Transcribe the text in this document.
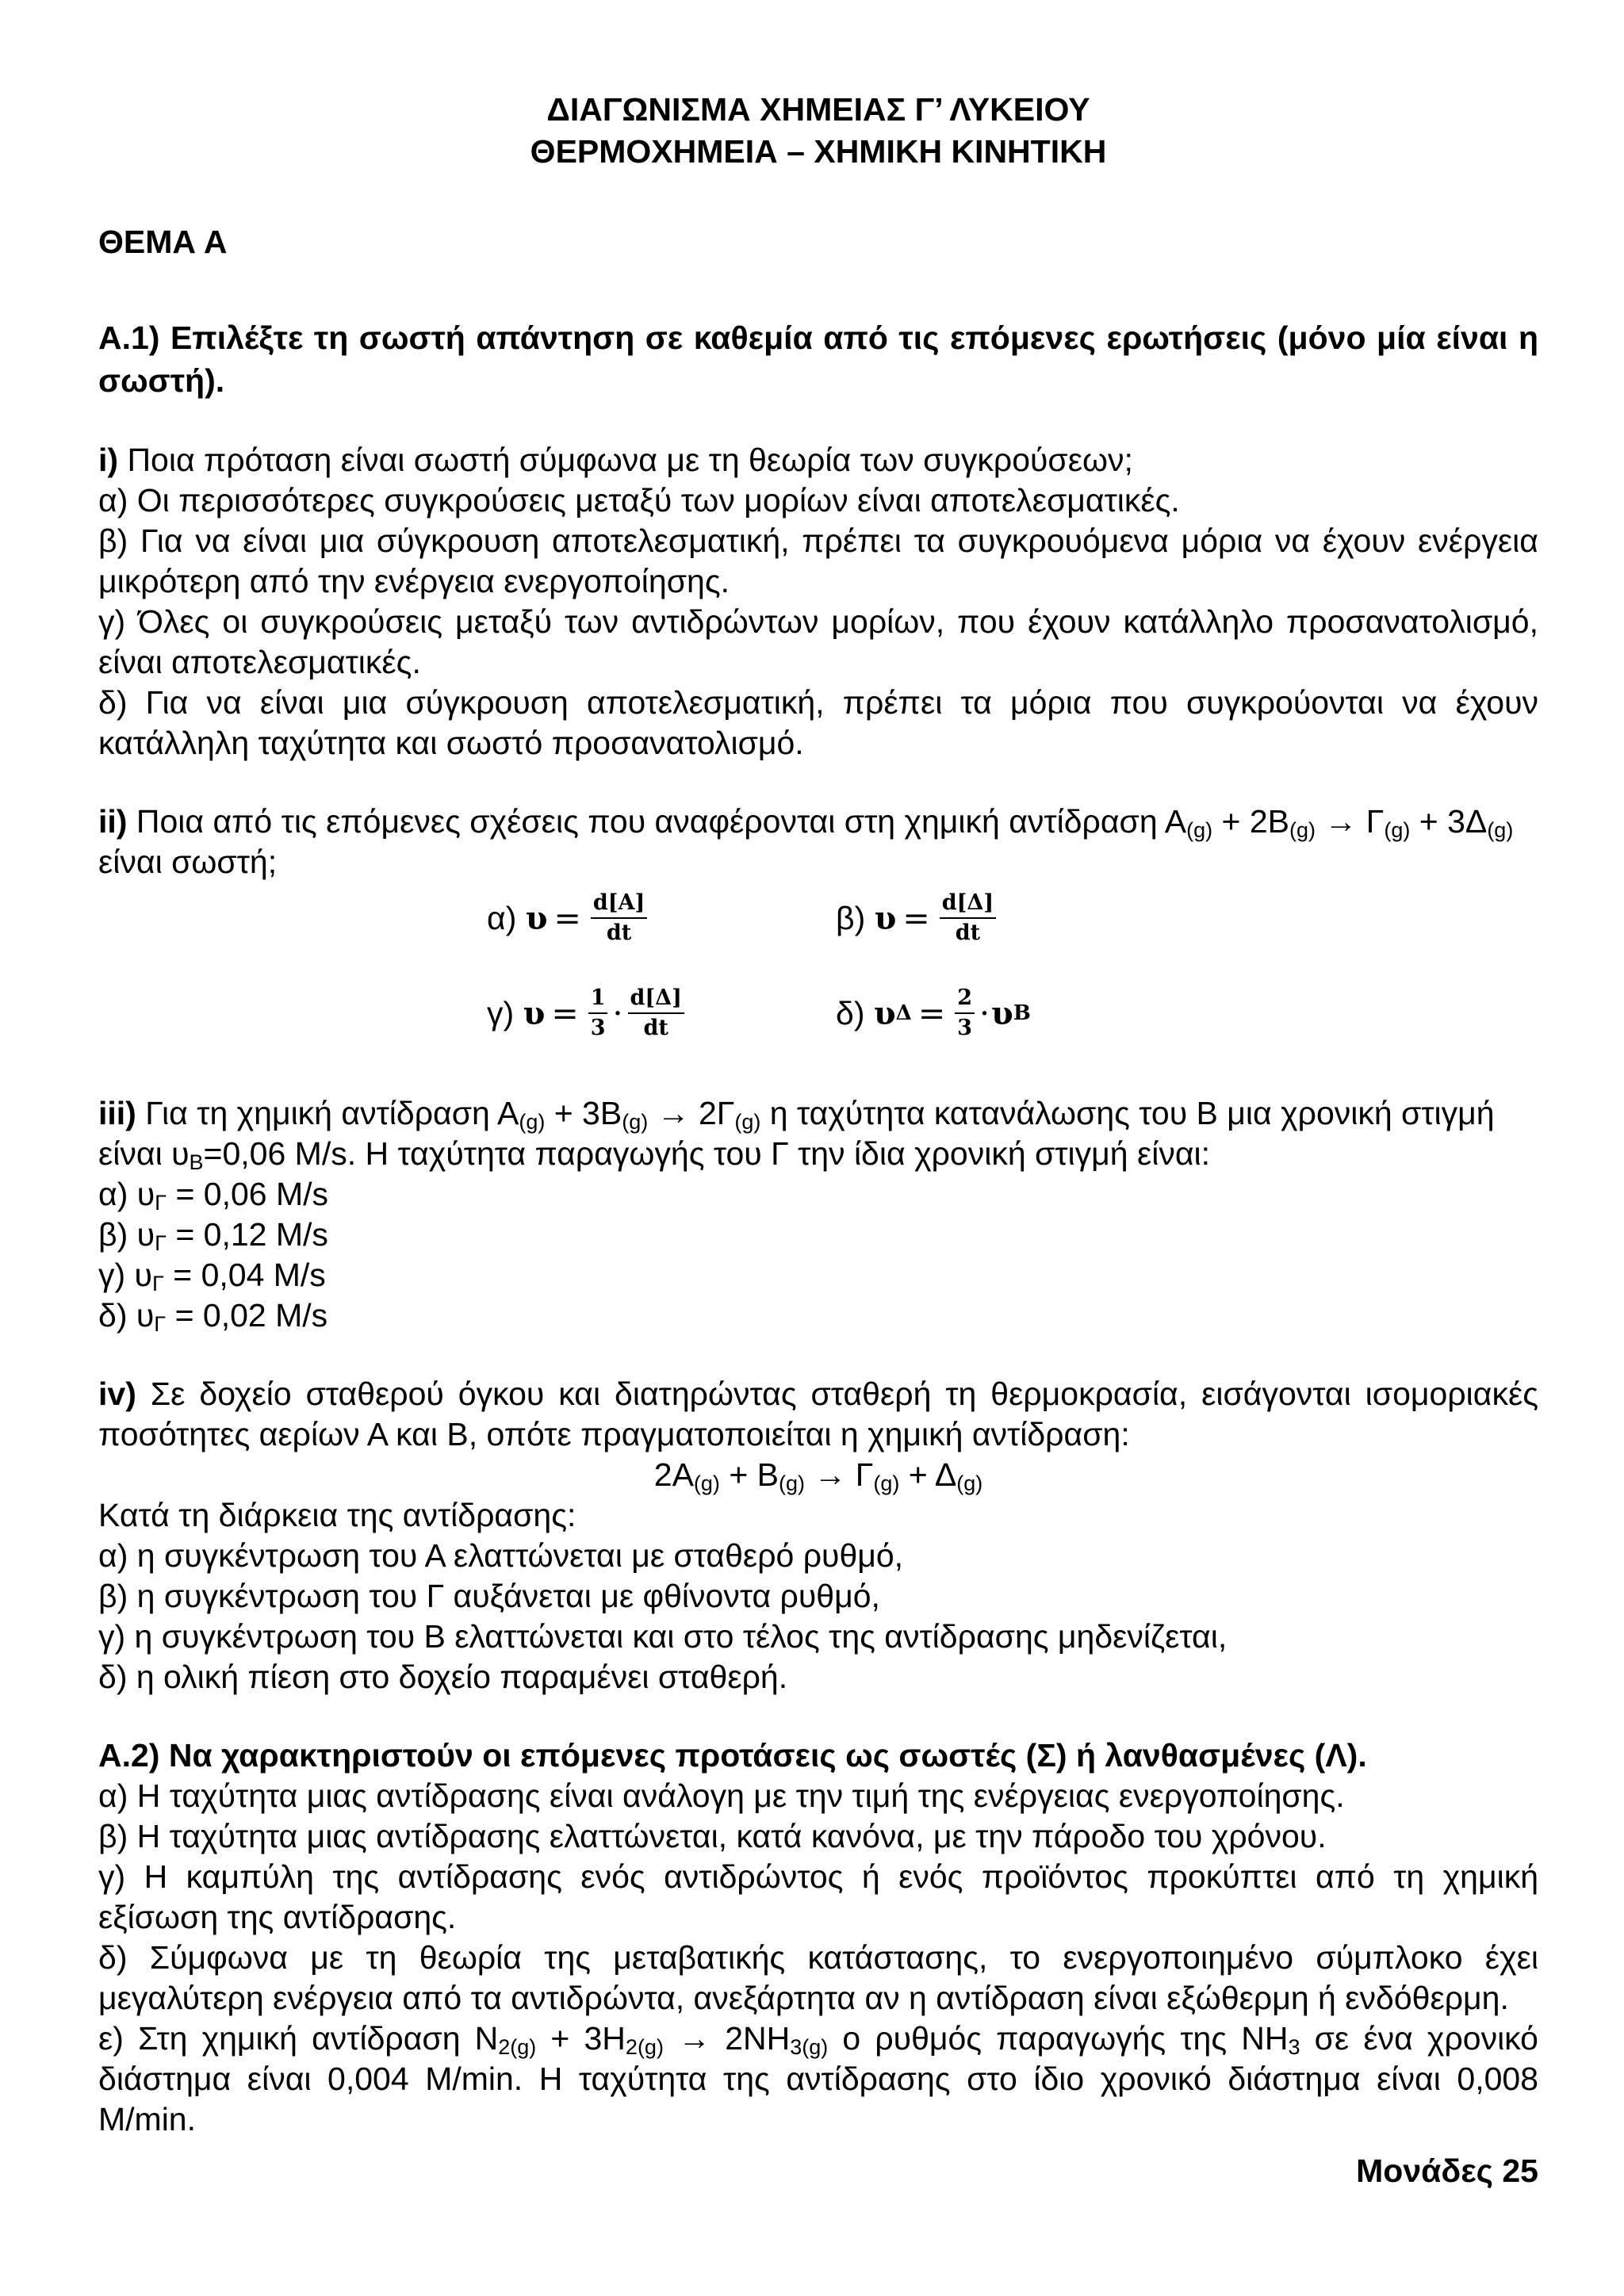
ΔΙΑΓΩΝΙΣΜΑ ΧΗΜΕΙΑΣ Γ’ ΛΥΚΕΙΟΥ
ΘΕΡΜΟΧΗΜΕΙΑ – ΧΗΜΙΚΗ ΚΙΝΗΤΙΚΗ
ΘΕΜΑ Α
Α.1) Επιλέξτε τη σωστή απάντηση σε καθεμία από τις επόμενες ερωτήσεις (μόνο μία είναι η σωστή).
i) Ποια πρόταση είναι σωστή σύμφωνα με τη θεωρία των συγκρούσεων;
α) Οι περισσότερες συγκρούσεις μεταξύ των μορίων είναι αποτελεσματικές.
β) Για να είναι μια σύγκρουση αποτελεσματική, πρέπει τα συγκρουόμενα μόρια να έχουν ενέργεια μικρότερη από την ενέργεια ενεργοποίησης.
γ) Όλες οι συγκρούσεις μεταξύ των αντιδρώντων μορίων, που έχουν κατάλληλο προσανατολισμό, είναι αποτελεσματικές.
δ) Για να είναι μια σύγκρουση αποτελεσματική, πρέπει τα μόρια που συγκρούονται να έχουν κατάλληλη ταχύτητα και σωστό προσανατολισμό.
ii) Ποια από τις επόμενες σχέσεις που αναφέρονται στη χημική αντίδραση $A_{(g)} + 2B_{(g)} \to \Gamma_{(g)} + 3\Delta_{(g)}$
είναι σωστή;
α)
$\upsilon = \frac{d[A]}{dt}$	β)
$\upsilon = \frac{d[\Delta]}{dt}$
γ)
$\upsilon = \frac{1}{3} \cdot \frac{d[\Delta]}{dt}$	δ)
υ $\Delta = \frac{2}{3} \cdot \upsilon$ Β
iii) Για τη χημική αντίδραση $A_{(g)} + 3B_{(g)} \to 2\Gamma_{(g)}$ η ταχύτητα κατανάλωσης του Β μια χρονική στιγμή
είναι $\upsilon_B=0,06$ M/s. Η ταχύτητα παραγωγής του Γ την ίδια χρονική στιγμή είναι:
α) $\upsilon_\Gamma = 0,06$ M/s
β) $\upsilon_\Gamma = 0,12$ M/s
γ) $\upsilon_\Gamma = 0,04$ M/s
δ) $\upsilon_\Gamma = 0,02$ M/s
iv) Σε δοχείο σταθερού όγκου και διατηρώντας σταθερή τη θερμοκρασία, εισάγονται ισομοριακές ποσότητες αερίων Α και Β, οπότε πραγματοποιείται η χημική αντίδραση:
$2A_{(g)} + B_{(g)} \to \Gamma_{(g)} + \Delta_{(g)}$
Κατά τη διάρκεια της αντίδρασης:
α) η συγκέντρωση του Α ελαττώνεται με σταθερό ρυθμό,
β) η συγκέντρωση του Γ αυξάνεται με φθίνοντα ρυθμό,
γ) η συγκέντρωση του Β ελαττώνεται και στο τέλος της αντίδρασης μηδενίζεται,
δ) η ολική πίεση στο δοχείο παραμένει σταθερή.
Α.2) Να χαρακτηριστούν οι επόμενες προτάσεις ως σωστές (Σ) ή λανθασμένες (Λ).
α) Η ταχύτητα μιας αντίδρασης είναι ανάλογη με την τιμή της ενέργειας ενεργοποίησης.
β) Η ταχύτητα μιας αντίδρασης ελαττώνεται, κατά κανόνα, με την πάροδο του χρόνου.
γ) Η καμπύλη της αντίδρασης ενός αντιδρώντος ή ενός προϊόντος προκύπτει από τη χημική εξίσωση της αντίδρασης.
δ) Σύμφωνα με τη θεωρία της μεταβατικής κατάστασης, το ενεργοποιημένο σύμπλοκο έχει μεγαλύτερη ενέργεια από τα αντιδρώντα, ανεξάρτητα αν η αντίδραση είναι εξώθερμη ή ενδόθερμη.
ε) Στη χημική αντίδραση $N_{2(g)} + 3H_{2(g)} \to 2NH_{3(g)}$ ο ρυθμός παραγωγής της $NH_3$ σε ένα χρονικό διάστημα είναι 0,004 M/min. Η ταχύτητα της αντίδρασης στο ίδιο χρονικό διάστημα είναι 0,008 M/min.
Μονάδες 25
